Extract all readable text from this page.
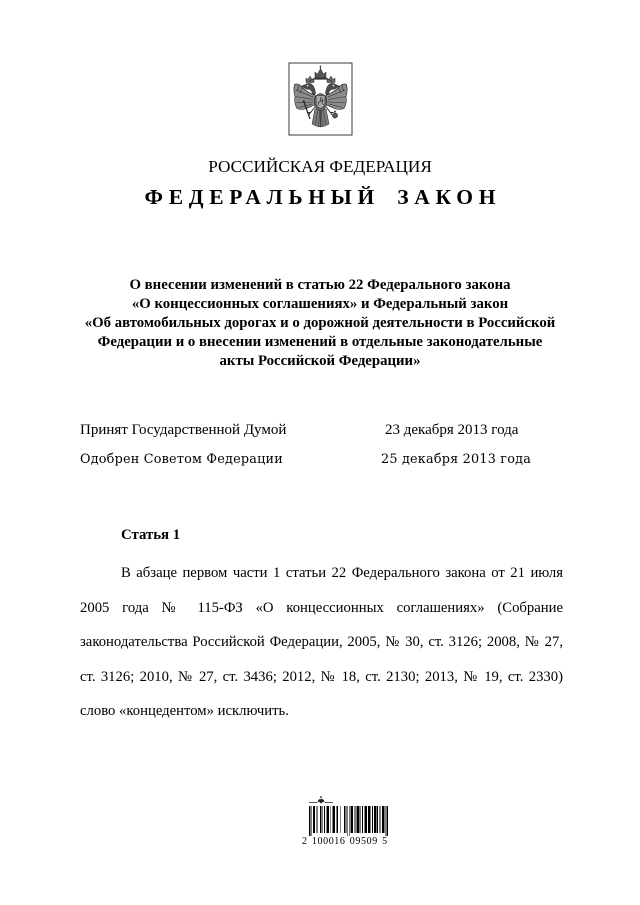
РОССИЙСКАЯ ФЕДЕРАЦИЯ
ФЕДЕРАЛЬНЫЙ ЗАКОН
О внесении изменений в статью 22 Федерального закона
«О концессионных соглашениях» и Федеральный закон
«Об автомобильных дорогах и о дорожной деятельности в Российской
Федерации и о внесении изменений в отдельные законодательные
акты Российской Федерации»
Принят Государственной Думой	23 декабря 2013 года
Одобрен Советом Федерации	25 декабря 2013 года
Статья 1
В абзаце первом части 1 статьи 22 Федерального закона от 21 июля
2005 года № 115-ФЗ «О концессионных соглашениях» (Собрание
законодательства Российской Федерации, 2005, № 30, ст. 3126; 2008, № 27,
ст. 3126; 2010, № 27, ст. 3436; 2012, № 18, ст. 2130; 2013, № 19, ст. 2330)
слово «концедентом» исключить.
2 100016 09509 5
